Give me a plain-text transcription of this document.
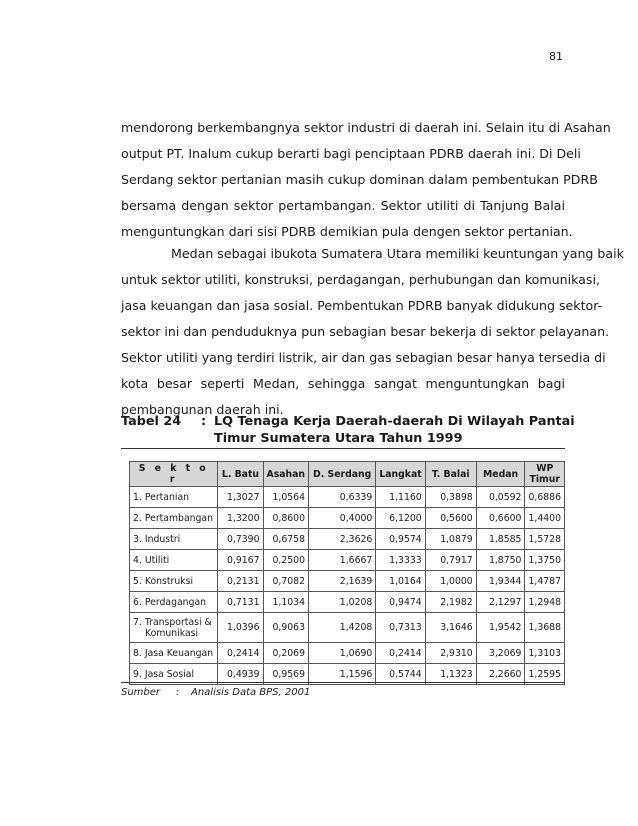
81
mendorong berkembangnya sektor industri di daerah ini. Selain itu di Asahan
output PT. Inalum cukup berarti bagi penciptaan PDRB daerah ini. Di Deli
Serdang sektor pertanian masih cukup dominan dalam pembentukan PDRB
bersama dengan sektor pertambangan. Sektor utiliti di Tanjung Balai
menguntungkan dari sisi PDRB demikian pula dengen sektor pertanian.
Medan sebagai ibukota Sumatera Utara memiliki keuntungan yang baik
untuk sektor utiliti, konstruksi, perdagangan, perhubungan dan komunikasi,
jasa keuangan dan jasa sosial. Pembentukan PDRB banyak didukung sektor-
sektor ini dan penduduknya pun sebagian besar bekerja di sektor pelayanan.
Sektor utiliti yang terdiri listrik, air dan gas sebagian besar hanya tersedia di
kota besar seperti Medan, sehingga sangat menguntungkan bagi
pembangunan daerah ini.
Tabel 24 : LQ Tenaga Kerja Daerah-daerah Di Wilayah Pantai
Timur Sumatera Utara Tahun 1999
S e k t o r	L. Batu	Asahan	D. Serdang	Langkat	T. Balai	Medan	WP Timur
1. Pertanian	1,3027	1,0564	0,6339	1,1160	0,3898	0,0592	0,6886
2. Pertambangan	1,3200	0,8600	0,4000	6,1200	0,5600	0,6600	1,4400
3. Industri	0,7390	0,6758	2,3626	0,9574	1,0879	1,8585	1,5728
4. Utiliti	0,9167	0,2500	1,6667	1,3333	0,7917	1,8750	1,3750
5. Konstruksi	0,2131	0,7082	2,1639	1,0164	1,0000	1,9344	1,4787
6. Perdagangan	0,7131	1,1034	1,0208	0,9474	2,1982	2,1297	1,2948

7. Transportasi &
Komunikasi	1,0396	0,9063	1,4208	0,7313	3,1646	1,9542	1,3688
8. Jasa Keuangan	0,2414	0,2069	1,0690	0,2414	2,9310	3,2069	1,3103
9. Jasa Sosial	0,4939	0,9569	1,1596	0,5744	1,1323	2,2660	1,2595
Sumber : Analisis Data BPS, 2001
